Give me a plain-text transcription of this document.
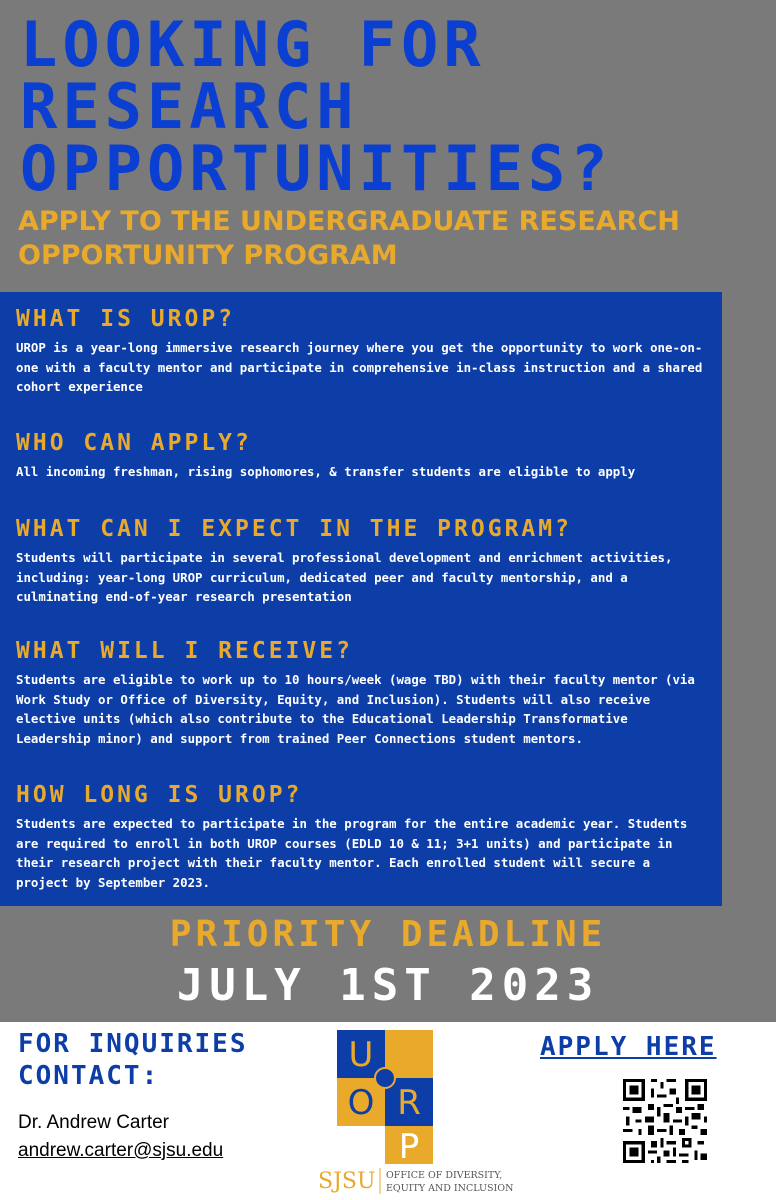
LOOKING FOR RESEARCH OPPORTUNITIES?
APPLY TO THE UNDERGRADUATE RESEARCH OPPORTUNITY PROGRAM
WHAT IS UROP?

UROP is a year-long immersive research journey where you get the opportunity to work one-on-one with a faculty mentor and participate in comprehensive in-class instruction and a shared cohort experience

WHO CAN APPLY?

All incoming freshman, rising sophomores, & transfer students are eligible to apply

WHAT CAN I EXPECT IN THE PROGRAM?

Students will participate in several professional development and enrichment activities, including: year-long UROP curriculum, dedicated peer and faculty mentorship, and a culminating end-of-year research presentation

WHAT WILL I RECEIVE?

Students are eligible to work up to 10 hours/week (wage TBD) with their faculty mentor (via Work Study or Office of Diversity, Equity, and Inclusion). Students will also receive elective units (which also contribute to the Educational Leadership Transformative Leadership minor) and support from trained Peer Connections student mentors.

HOW LONG IS UROP?

Students are expected to participate in the program for the entire academic year. Students are required to enroll in both UROP courses (EDLD 10 & 11; 3+1 units) and participate in their research project with their faculty mentor. Each enrolled student will secure a project by September 2023.

PRIORITY DEADLINE
JULY 1ST 2023

FOR INQUIRIES CONTACT:

Dr. Andrew Carter
andrew.carter@sjsu.edu
U
R
O
P
SJSU OFFICE OF DIVERSITY,
EQUITY AND INCLUSION
APPLY HERE
